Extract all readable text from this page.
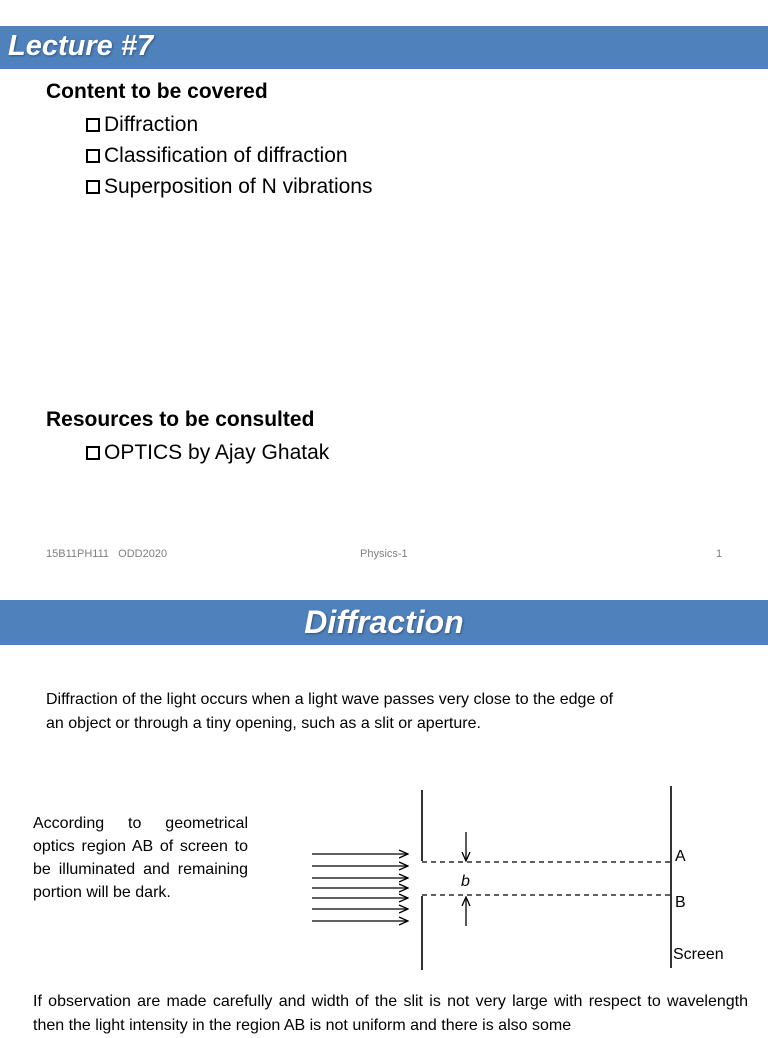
Lecture #7
Content to be covered
Diffraction
Classification of diffraction
Superposition of N vibrations
Resources to be consulted
OPTICS by Ajay Ghatak
15B11PH111   ODD2020	Physics-1	1
Diffraction
Diffraction of the light occurs when a light wave passes very close to the edge of
an object or through a tiny opening, such as a slit or aperture.
According to geometrical optics region AB of screen to be illuminated and remaining portion will be dark.
b
A
B
Screen
If observation are made carefully and width of the slit is not very large with respect to wavelength then the light intensity in the region AB is not uniform and there is also some
